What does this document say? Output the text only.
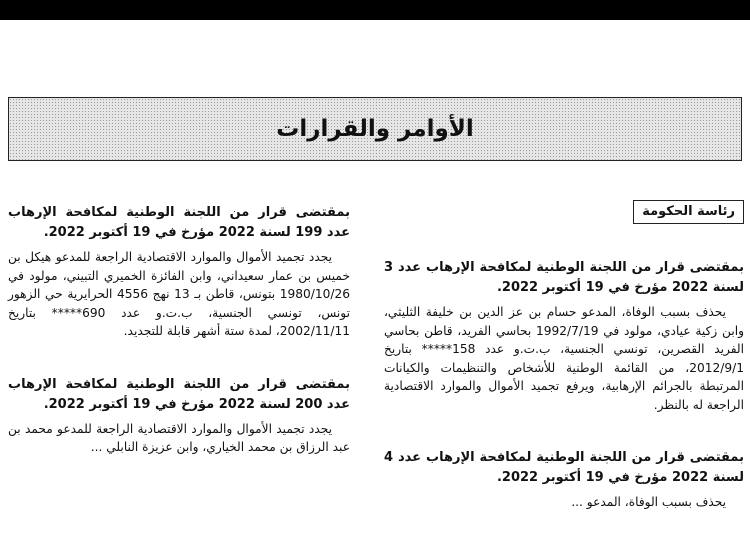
الأوامر والقرارات
رئاسة الحكومة

بمقتضى قرار من اللجنة الوطنية لمكافحة الإرهاب عدد 3 لسنة 2022 مؤرخ في 19 أكتوبر 2022.

يحذف بسبب الوفاة، المدعو حسام بن عز الدين بن خليفة الثليثي، وابن زكية عيادي، مولود في 1992/7/19 بحاسي الفريد، قاطن بحاسي الفريد القصرين، تونسي الجنسية، ب.ت.و عدد 158***** بتاريخ 2012/9/1، من القائمة الوطنية للأشخاص والتنظيمات والكيانات المرتبطة بالجرائم الإرهابية، ويرفع تجميد الأموال والموارد الاقتصادية الراجعة له بالنظر.

بمقتضى قرار من اللجنة الوطنية لمكافحة الإرهاب عدد 4 لسنة 2022 مؤرخ في 19 أكتوبر 2022.

يحذف بسبب الوفاة، المدعو ...

بمقتضى قرار من اللجنة الوطنية لمكافحة الإرهاب عدد 199 لسنة 2022 مؤرخ في 19 أكتوبر 2022.

يجدد تجميد الأموال والموارد الاقتصادية الراجعة للمدعو هيكل بن خميس بن عمار سعيداني، وابن الفائزة الخميري التبيني، مولود في 1980/10/26 بتونس، قاطن بـ 13 نهج 4556 الحرايرية حي الزهور تونس، تونسي الجنسية، ب.ت.و عدد 690***** بتاريخ 2002/11/11، لمدة ستة أشهر قابلة للتجديد.

بمقتضى قرار من اللجنة الوطنية لمكافحة الإرهاب عدد 200 لسنة 2022 مؤرخ في 19 أكتوبر 2022.

يجدد تجميد الأموال والموارد الاقتصادية الراجعة للمدعو محمد بن عبد الرزاق بن محمد الخياري، وابن عزيزة النابلي ...
